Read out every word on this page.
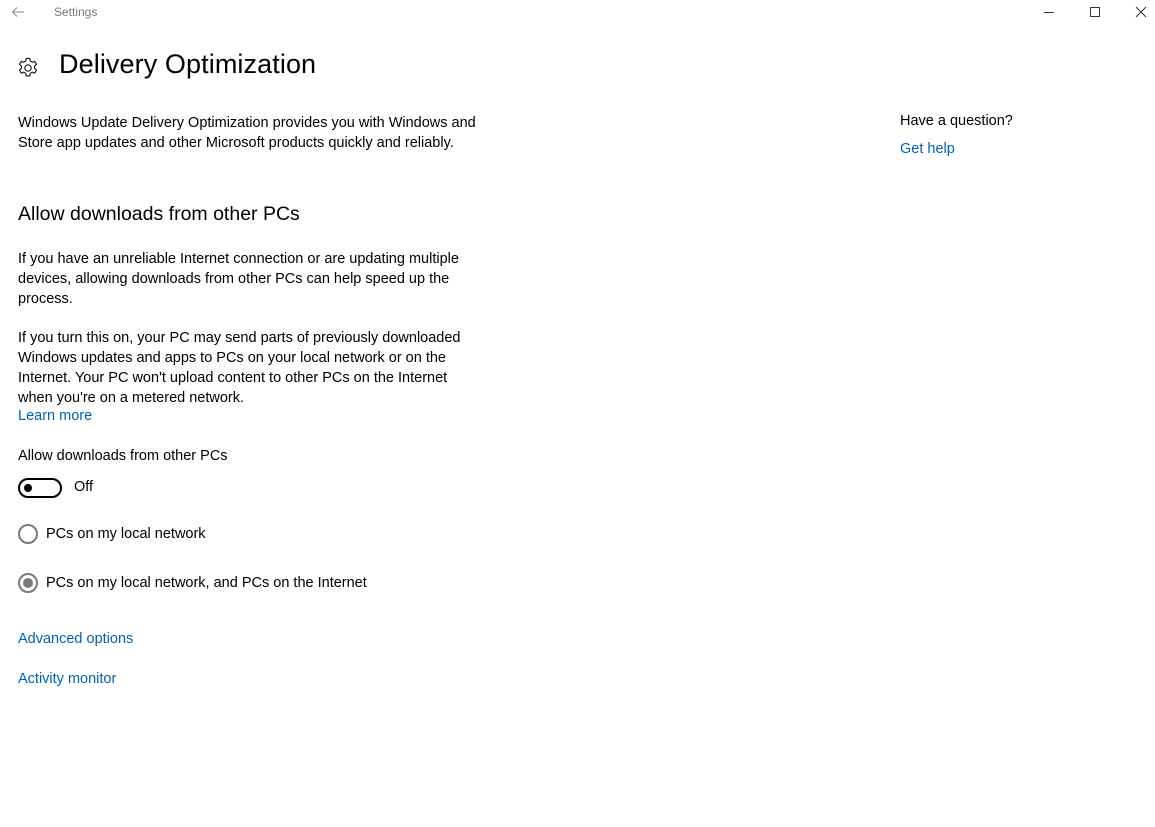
Settings
Delivery Optimization

Windows Update Delivery Optimization provides you with Windows and Store app updates and other Microsoft products quickly and reliably.

Allow downloads from other PCs

If you have an unreliable Internet connection or are updating multiple devices, allowing downloads from other PCs can help speed up the process.

If you turn this on, your PC may send parts of previously downloaded Windows updates and apps to PCs on your local network or on the Internet. Your PC won't upload content to other PCs on the Internet when you're on a metered network.

Learn more
Allow downloads from other PCs
Off
PCs on my local network
PCs on my local network, and PCs on the Internet
Advanced options
Activity monitor
Have a question?
Get help
